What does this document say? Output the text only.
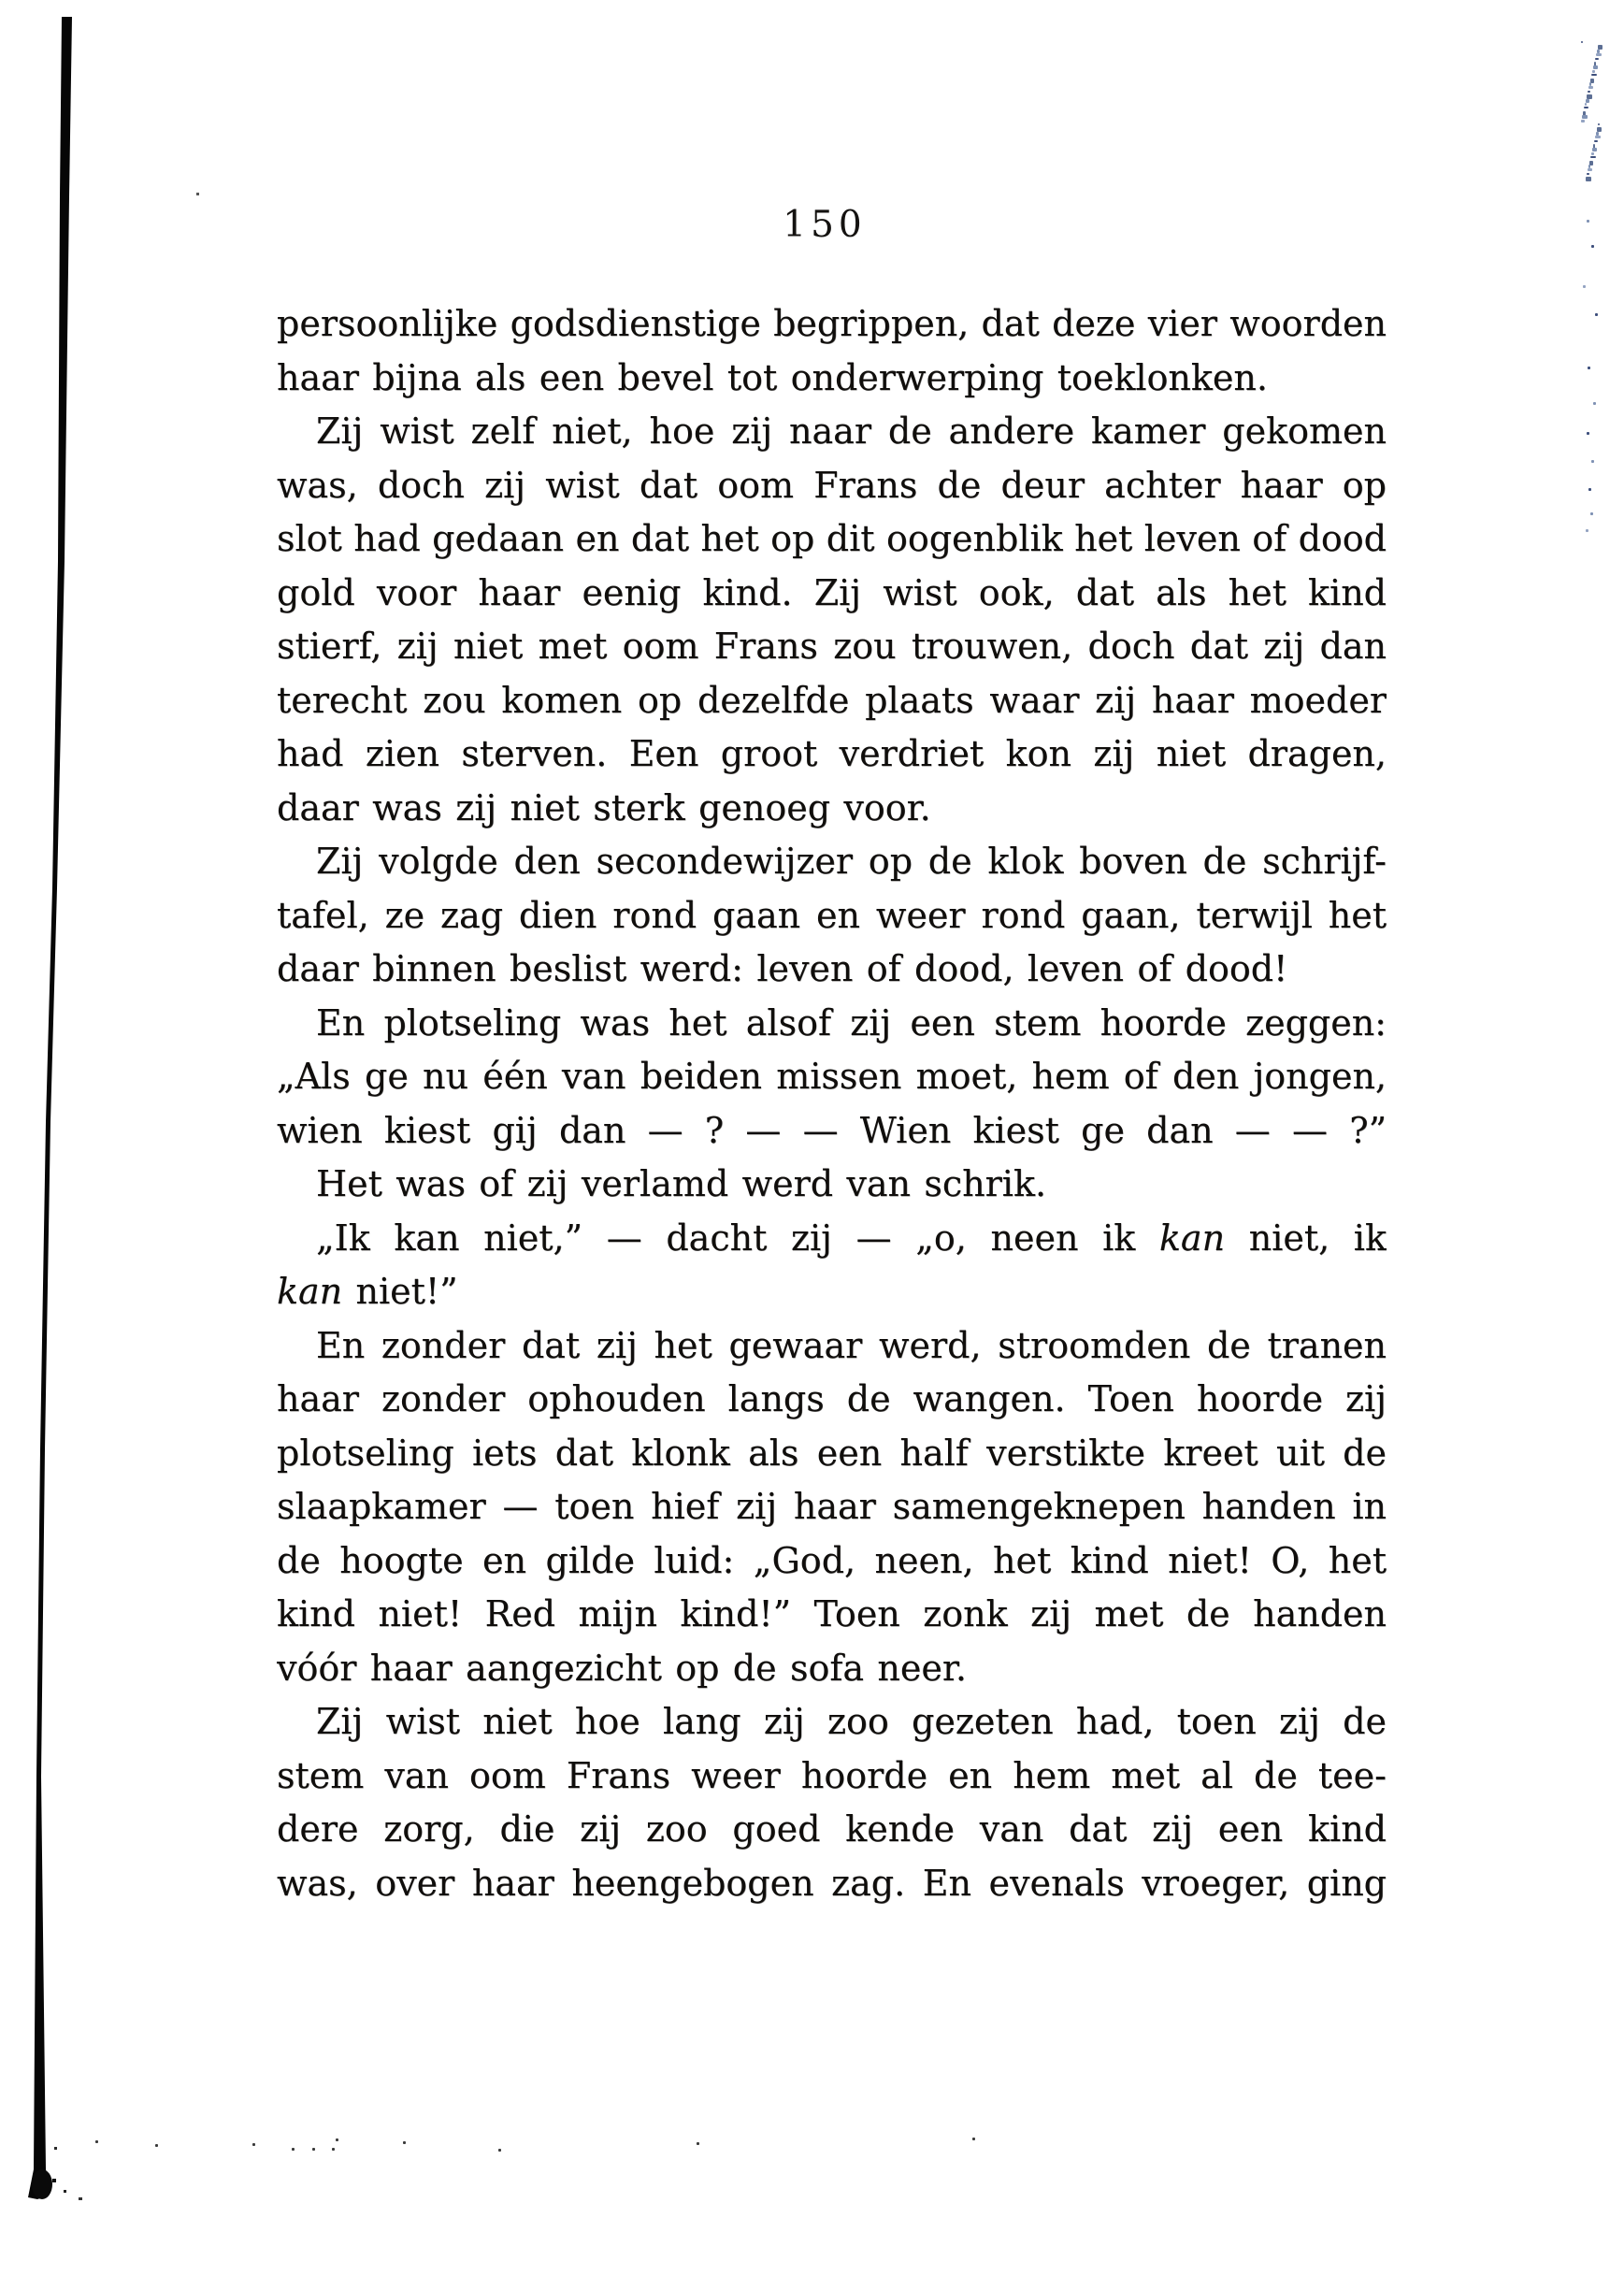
150
persoonlijke godsdienstige begrippen, dat deze vier woorden
haar bijna als een bevel tot onderwerping toeklonken.
Zij wist zelf niet, hoe zij naar de andere kamer gekomen
was, doch zij wist dat oom Frans de deur achter haar op
slot had gedaan en dat het op dit oogenblik het leven of dood
gold voor haar eenig kind. Zij wist ook, dat als het kind
stierf, zij niet met oom Frans zou trouwen, doch dat zij dan
terecht zou komen op dezelfde plaats waar zij haar moeder
had zien sterven. Een groot verdriet kon zij niet dragen,
daar was zij niet sterk genoeg voor.
Zij volgde den secondewijzer op de klok boven de schrijf-
tafel, ze zag dien rond gaan en weer rond gaan, terwijl het
daar binnen beslist werd: leven of dood, leven of dood!
En plotseling was het alsof zij een stem hoorde zeggen:
„Als ge nu één van beiden missen moet, hem of den jongen,
wien kiest gij dan — ? — — Wien kiest ge dan — — ?”
Het was of zij verlamd werd van schrik.
„Ik kan niet,” — dacht zij — „o, neen ik kan niet, ik
kan niet!”
En zonder dat zij het gewaar werd, stroomden de tranen
haar zonder ophouden langs de wangen. Toen hoorde zij
plotseling iets dat klonk als een half verstikte kreet uit de
slaapkamer — toen hief zij haar samengeknepen handen in
de hoogte en gilde luid: „God, neen, het kind niet! O, het
kind niet! Red mijn kind!” Toen zonk zij met de handen
vóór haar aangezicht op de sofa neer.
Zij wist niet hoe lang zij zoo gezeten had, toen zij de
stem van oom Frans weer hoorde en hem met al de tee-
dere zorg, die zij zoo goed kende van dat zij een kind
was, over haar heengebogen zag. En evenals vroeger, ging
